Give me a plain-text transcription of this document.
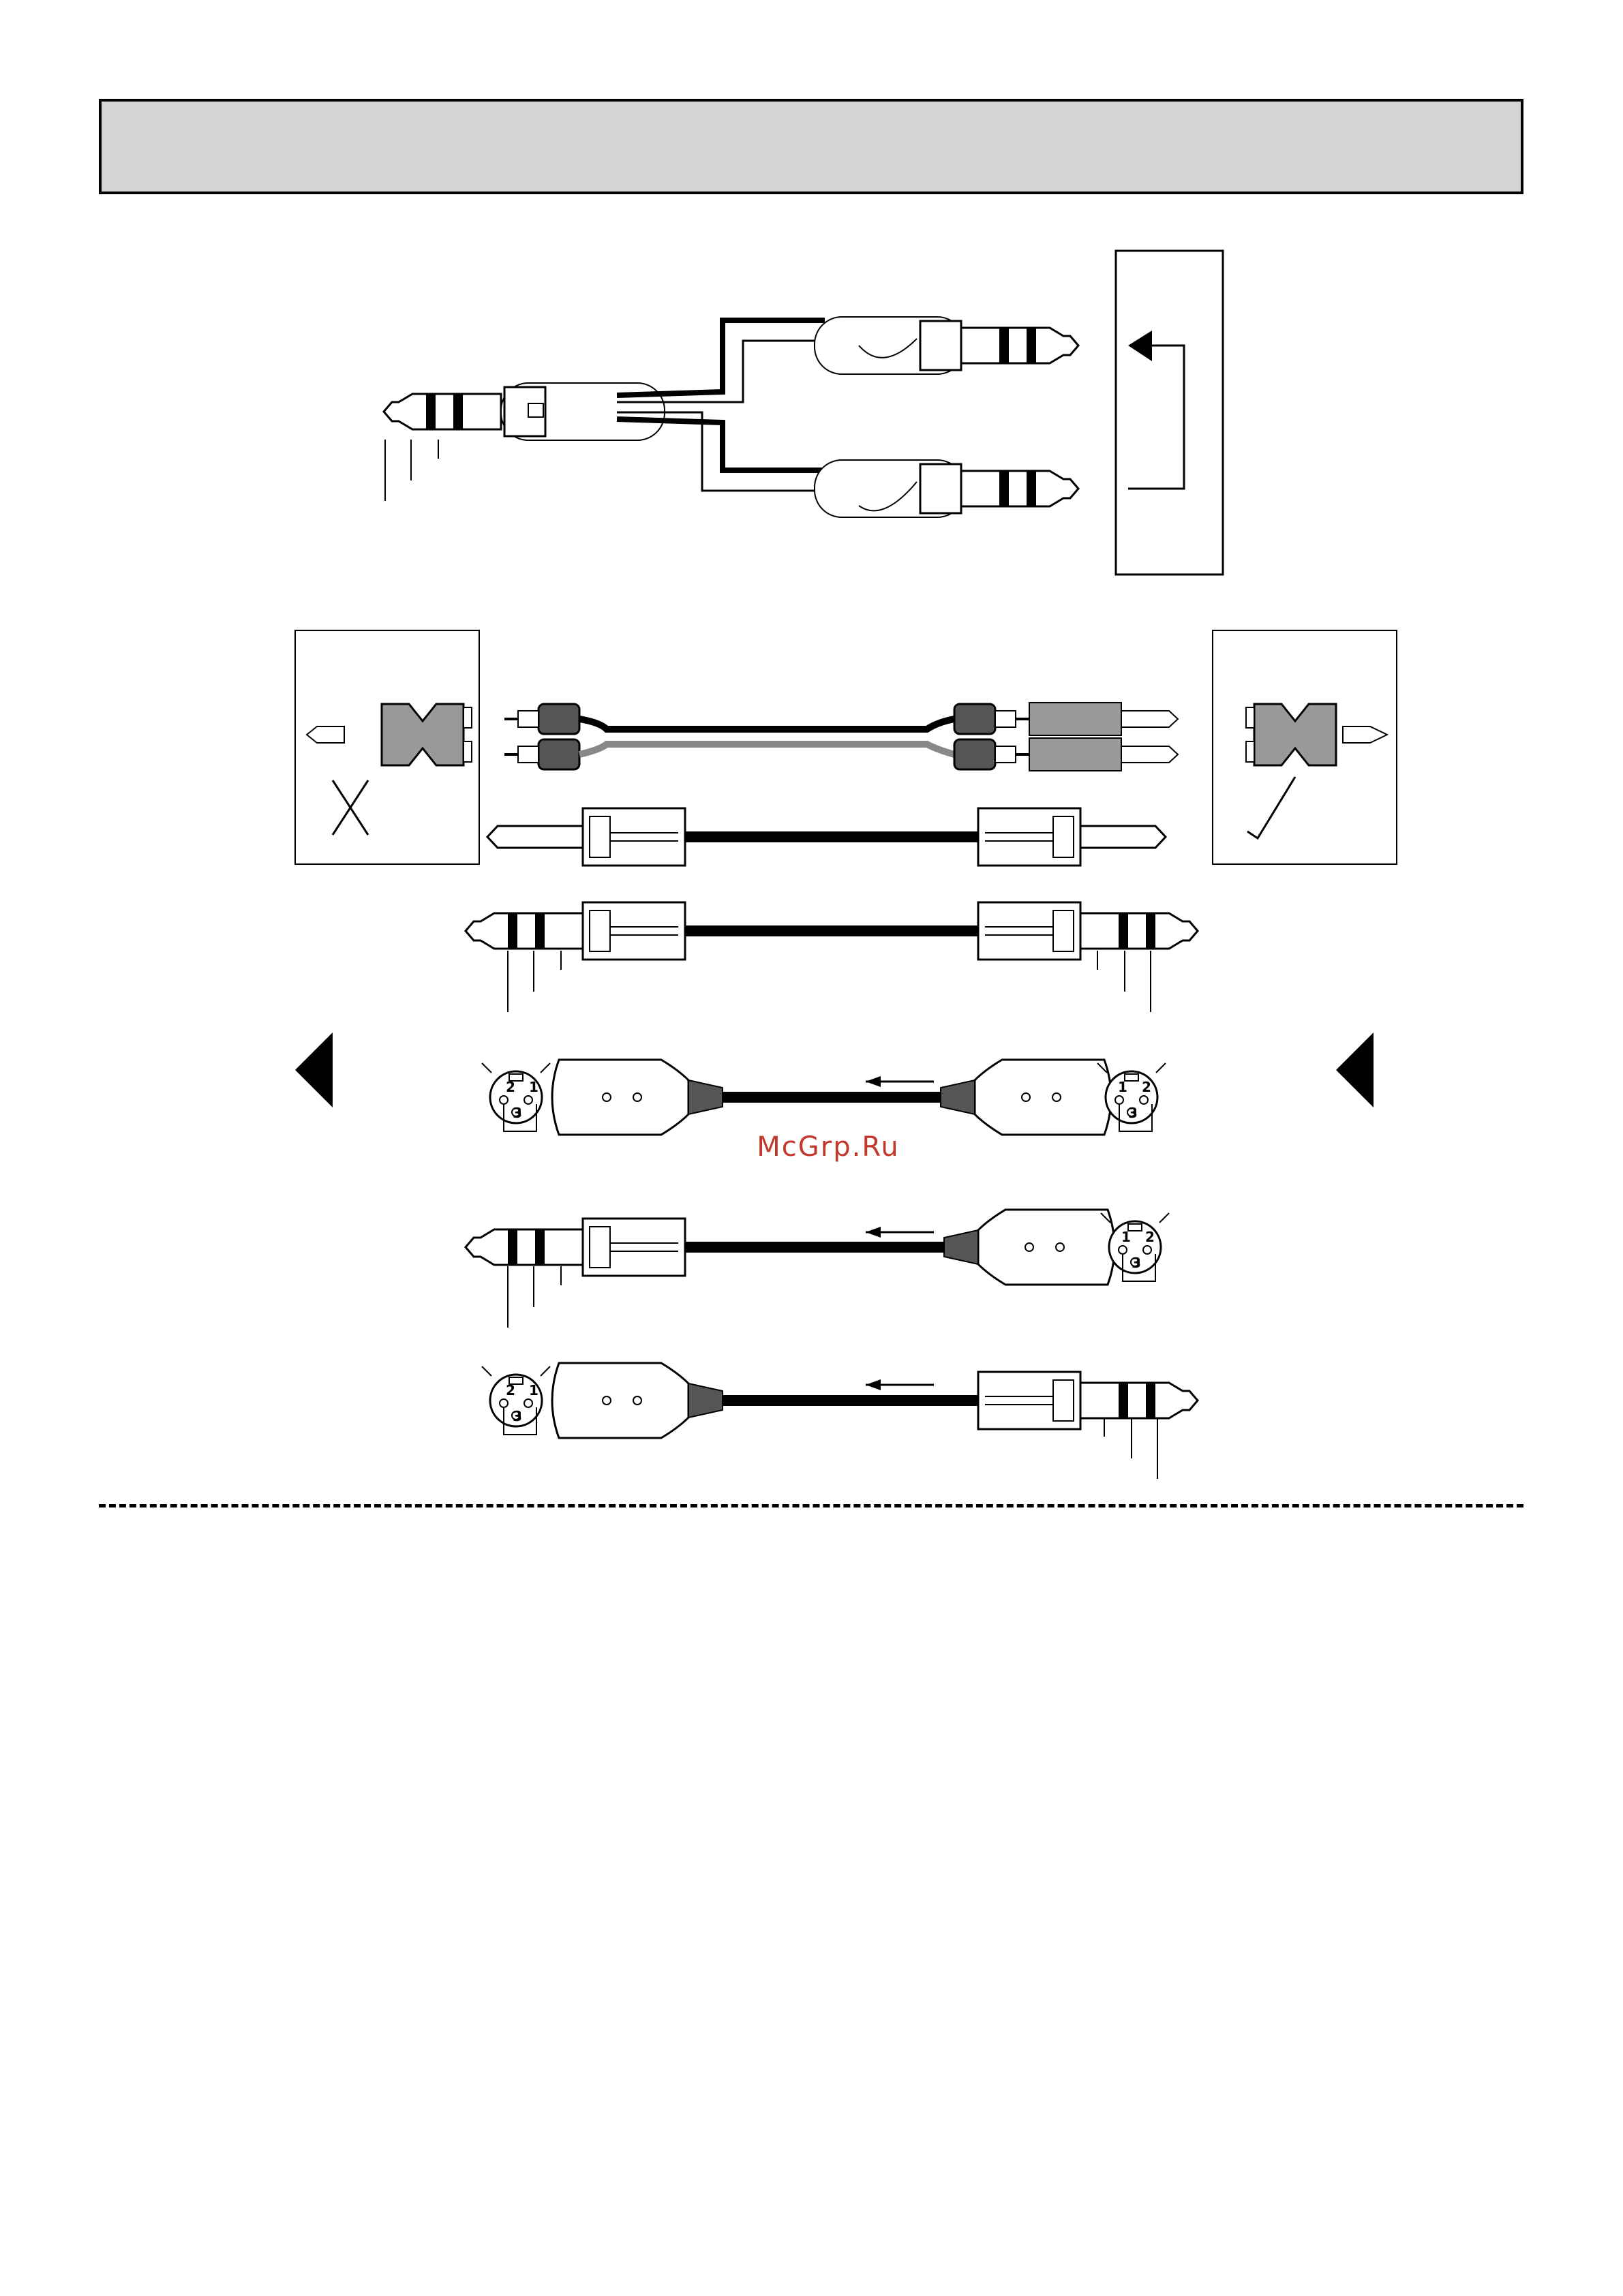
2 1
3
1 2
3
1 2
3
2 1
3
McGrp.Ru
